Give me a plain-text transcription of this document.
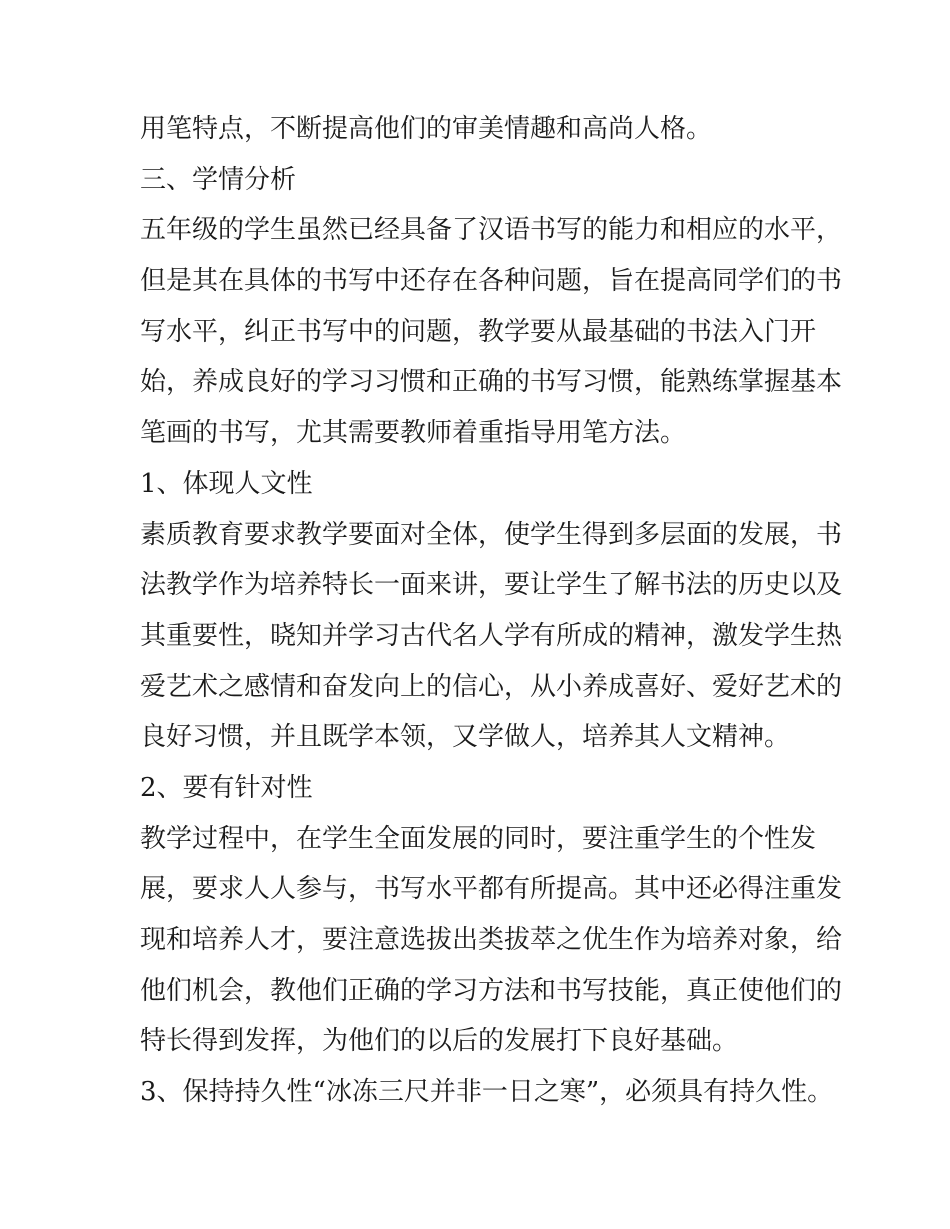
用笔特点，不断提高他们的审美情趣和高尚人格。
三、学情分析
五年级的学生虽然已经具备了汉语书写的能力和相应的水平，
但是其在具体的书写中还存在各种问题，旨在提高同学们的书
写水平，纠正书写中的问题，教学要从最基础的书法入门开
始，养成良好的学习习惯和正确的书写习惯，能熟练掌握基本
笔画的书写，尤其需要教师着重指导用笔方法。
1、体现人文性
素质教育要求教学要面对全体，使学生得到多层面的发展，书
法教学作为培养特长一面来讲，要让学生了解书法的历史以及
其重要性，晓知并学习古代名人学有所成的精神，激发学生热
爱艺术之感情和奋发向上的信心，从小养成喜好、爱好艺术的
良好习惯，并且既学本领，又学做人，培养其人文精神。
2、要有针对性
教学过程中，在学生全面发展的同时，要注重学生的个性发
展，要求人人参与，书写水平都有所提高。其中还必得注重发
现和培养人才，要注意选拔出类拔萃之优生作为培养对象，给
他们机会，教他们正确的学习方法和书写技能，真正使他们的
特长得到发挥，为他们的以后的发展打下良好基础。
3、保持持久性“冰冻三尺并非一日之寒”，必须具有持久性。
